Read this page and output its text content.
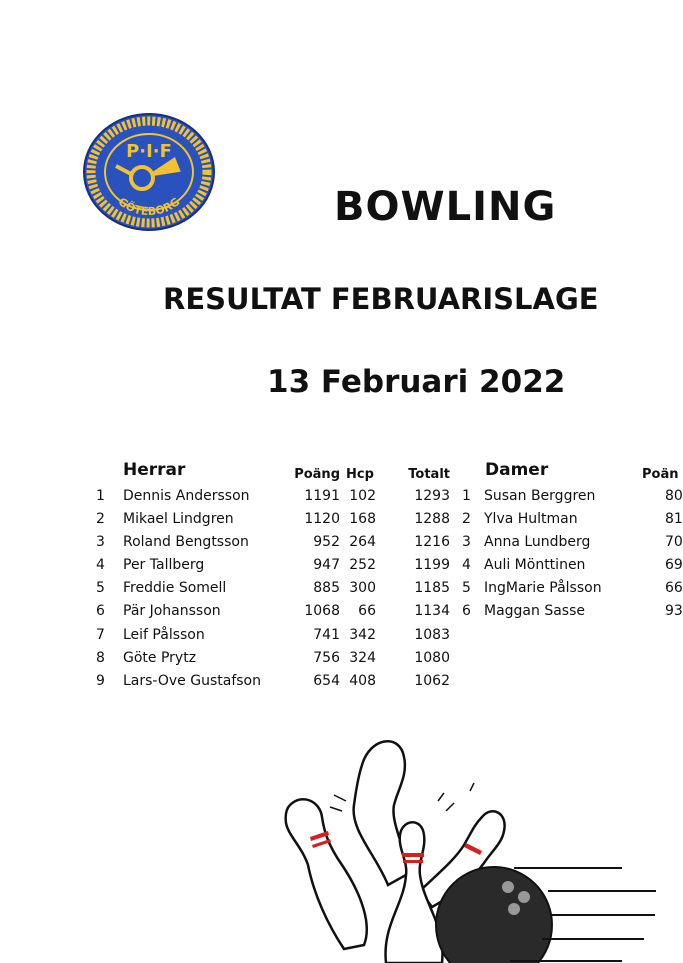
P·I·F
GÖTEBORG	BOWLING
RESULTAT FEBRUARISLAGE
13 Februari 2022
Herrar	Poäng Hcp	Totalt
1 Dennis Andersson	1191 102	1293
2 Mikael Lindgren	1120 168	1288
3 Roland Bengtsson	952 264	1216
4 Per Tallberg	947 252	1199
5 Freddie Somell	885 300	1185
6 Pär Johansson	1068	66	1134
7 Leif Pålsson	741 342	1083
8 Göte Prytz	756 324	1080
9 Lars-Ove Gustafson	654 408	1062
Damer	Poän
1 Susan Berggren	80
2 Ylva Hultman	81
3 Anna Lundberg	70
4 Auli Mönttinen	69
5 IngMarie Pålsson	66
6 Maggan Sasse	93
